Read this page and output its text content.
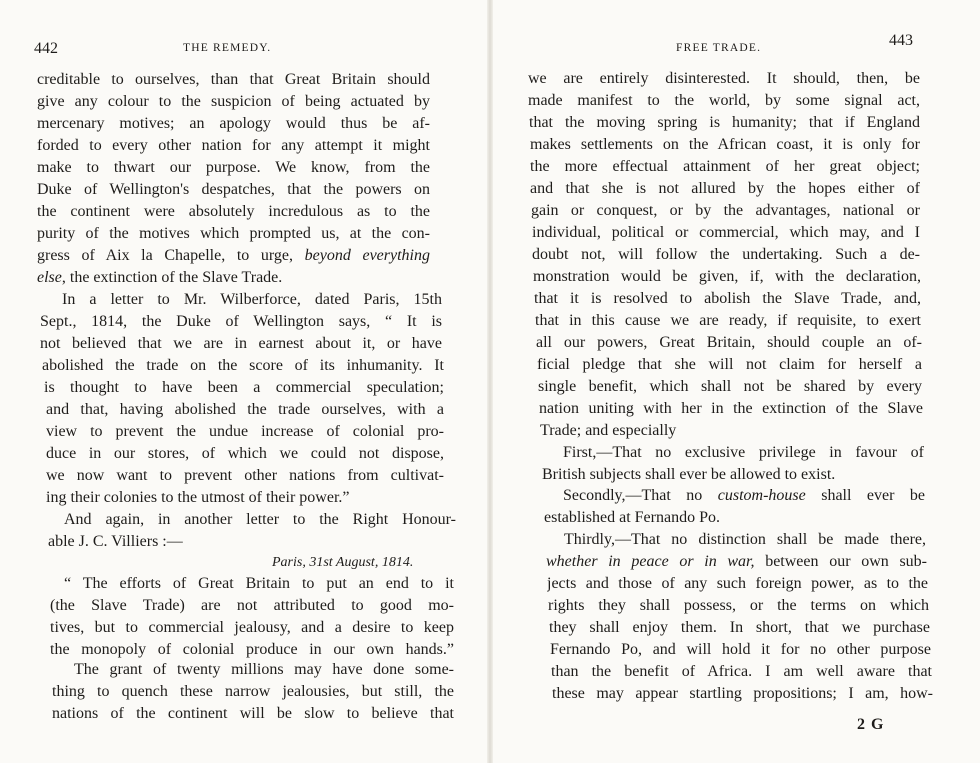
442	THE REMEDY.
creditable to ourselves, than that Great Britain should
give any colour to the suspicion of being actuated by
mercenary motives; an apology would thus be af-
forded to every other nation for any attempt it might
make to thwart our purpose. We know, from the
Duke of Wellington's despatches, that the powers on
the continent were absolutely incredulous as to the
purity of the motives which prompted us, at the con-
gress of Aix la Chapelle, to urge, beyond everything
else, the extinction of the Slave Trade.
In a letter to Mr. Wilberforce, dated Paris, 15th
Sept., 1814, the Duke of Wellington says, “ It is
not believed that we are in earnest about it, or have
abolished the trade on the score of its inhumanity. It
is thought to have been a commercial speculation;
and that, having abolished the trade ourselves, with a
view to prevent the undue increase of colonial pro-
duce in our stores, of which we could not dispose,
we now want to prevent other nations from cultivat-
ing their colonies to the utmost of their power.”
And again, in another letter to the Right Honour-
able J. C. Villiers :—
Paris, 31st August, 1814.
“ The efforts of Great Britain to put an end to it
(the Slave Trade) are not attributed to good mo-
tives, but to commercial jealousy, and a desire to keep
the monopoly of colonial produce in our own hands.”
The grant of twenty millions may have done some-
thing to quench these narrow jealousies, but still, the
nations of the continent will be slow to believe that
443
FREE TRADE.
we are entirely disinterested. It should, then, be
made manifest to the world, by some signal act,
that the moving spring is humanity; that if England
makes settlements on the African coast, it is only for
the more effectual attainment of her great object;
and that she is not allured by the hopes either of
gain or conquest, or by the advantages, national or
individual, political or commercial, which may, and I
doubt not, will follow the undertaking. Such a de-
monstration would be given, if, with the declaration,
that it is resolved to abolish the Slave Trade, and,
that in this cause we are ready, if requisite, to exert
all our powers, Great Britain, should couple an of-
ficial pledge that she will not claim for herself a
single benefit, which shall not be shared by every
nation uniting with her in the extinction of the Slave
Trade; and especially
First,—That no exclusive privilege in favour of
British subjects shall ever be allowed to exist.
Secondly,—That no custom-house shall ever be
established at Fernando Po.
Thirdly,—That no distinction shall be made there,
whether in peace or in war, between our own sub-
jects and those of any such foreign power, as to the
rights they shall possess, or the terms on which
they shall enjoy them. In short, that we purchase
Fernando Po, and will hold it for no other purpose
than the benefit of Africa. I am well aware that
these may appear startling propositions; I am, how-
2 G
